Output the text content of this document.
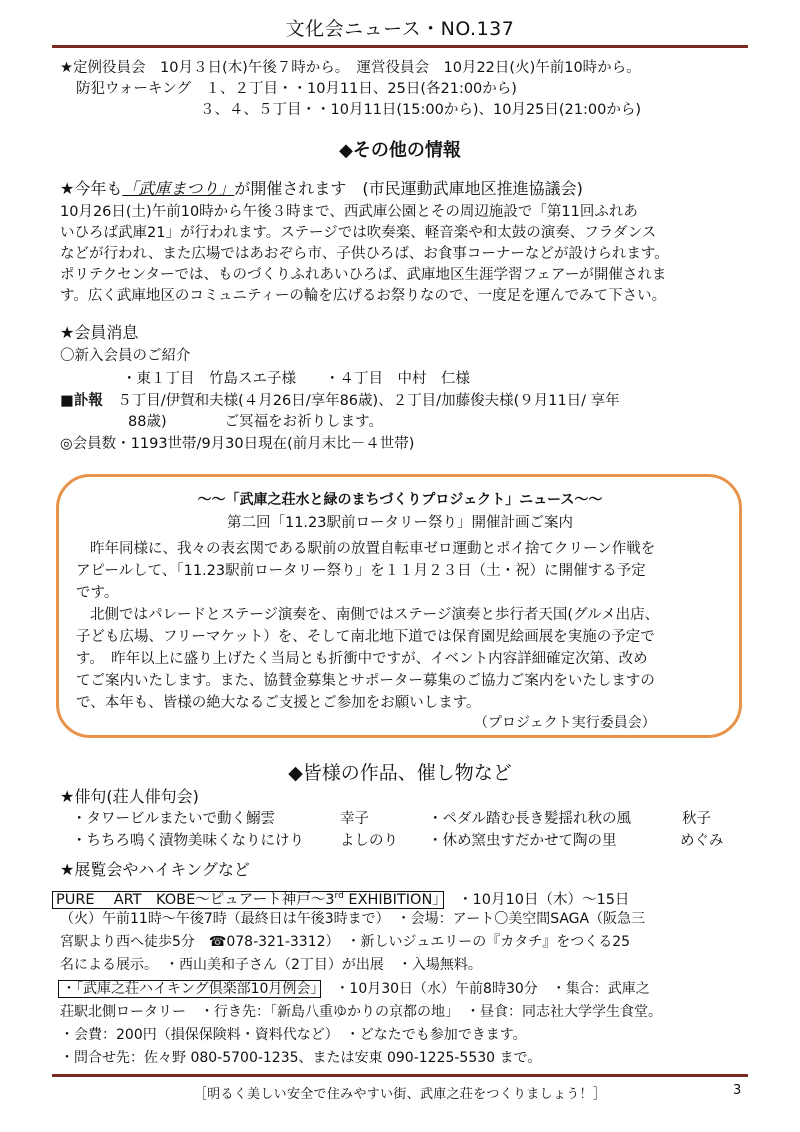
文化会ニュース・NO.137
★定例役員会　10月３日(木)午後７時から。　運営役員会　10月22日(火)午前10時から。
防犯ウォーキング　１、２丁目・・10月11日、25日(各21:00から)
３、４、５丁目・・10月11日(15:00から)、10月25日(21:00から)
◆その他の情報
★今年も「武庫まつり」が開催されます　(市民運動武庫地区推進協議会)
10月26日(土)午前10時から午後３時まで、西武庫公園とその周辺施設で「第11回ふれあ
いひろば武庫21」が行われます。ステージでは吹奏楽、軽音楽や和太鼓の演奏、フラダンス
などが行われ、また広場ではあおぞら市、子供ひろば、お食事コーナーなどが設けられます。
ポリテクセンターでは、ものづくりふれあいひろば、武庫地区生涯学習フェアーが開催されま
す。広く武庫地区のコミュニティーの輪を広げるお祭りなので、一度足を運んでみて下さい。
★会員消息
〇新入会員のご紹介
・東１丁目　竹島スエ子様　　・４丁目　中村　仁様
■訃報　 ５丁目/伊賀和夫様(４月26日/享年86歳)、２丁目/加藤俊夫様(９月11日/ 享年
88歳)　　　　ご冥福をお祈りします。
◎会員数・1193世帯/9月30日現在(前月末比－４世帯)
～～「武庫之荘水と緑のまちづくりプロジェクト」ニュース～～
第二回「11.23駅前ロータリー祭り」開催計画ご案内
昨年同様に、我々の表玄関である駅前の放置自転車ゼロ運動とポイ捨てクリーン作戦を
アピールして、「11.23駅前ロータリー祭り」を１１月２３日（土・祝）に開催する予定
です。
北側ではパレードとステージ演奏を、南側ではステージ演奏と歩行者天国(グルメ出店、
子ども広場、フリーマケット）を、そして南北地下道では保育園児絵画展を実施の予定で
す。　昨年以上に盛り上げたく当局とも折衝中ですが、イベント内容詳細確定次第、改め
てご案内いたします。また、協賛金募集とサポーター募集のご協力ご案内をいたしますの
で、本年も、皆様の絶大なるご支援とご参加をお願いします。
（プロジェクト実行委員会）
◆皆様の作品、催し物など
★俳句(荘人俳句会)
・タワービルまたいで動く鰯雲	幸子	・ペダル踏む長き髪揺れ秋の風	秋子
・ちちろ鳴く漬物美味くなりにけり よしのり ・休め窯虫すだかせて陶の里	めぐみ
★展覧会やハイキングなど
PURE　 ART　KOBE～ピュアート神戸～3rd EXHIBITION」　 ・10月10日（木）～15日
（火）午前11時～午後7時（最終日は午後3時まで）　・会場：アート〇美空間SAGA（阪急三
宮駅より西へ徒歩5分　☎078-321-3312）　・新しいジュエリーの『カタチ』をつくる25
名による展示。　・西山美和子さん（2丁目）が出展　・入場無料。
・「武庫之荘ハイキング倶楽部10月例会」　 ・10月30日（水）午前8時30分　・集合：武庫之
荘駅北側ロータリー　・行き先：「新島八重ゆかりの京都の地」　・昼食：同志社大学学生食堂。
・会費：200円（損保保険料・資料代など）　・どなたでも参加できます。
・問合せ先：佐々野 080-5700-1235、または安東 090-1225-5530 まで。
［明るく美しい安全で住みやすい街、武庫之荘をつくりましょう！］	3
